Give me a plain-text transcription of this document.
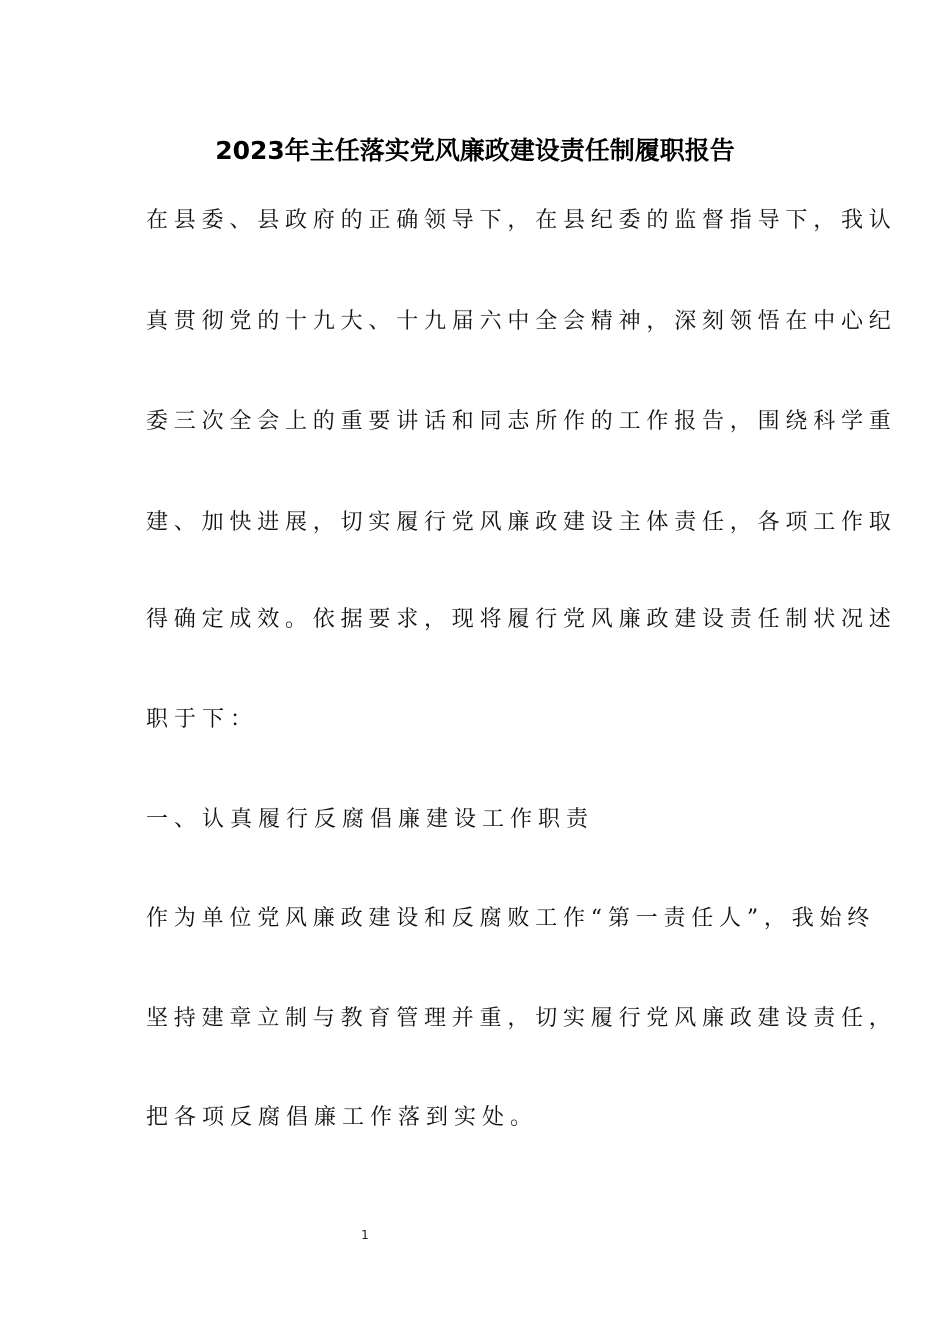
2023年主任落实党风廉政建设责任制履职报告
在县委、县政府的正确领导下，在县纪委的监督指导下，我认
真贯彻党的十九大、十九届六中全会精神，深刻领悟在中心纪
委三次全会上的重要讲话和同志所作的工作报告，围绕科学重
建、加快进展，切实履行党风廉政建设主体责任，各项工作取
得确定成效。依据要求，现将履行党风廉政建设责任制状况述
职于下：
一、认真履行反腐倡廉建设工作职责
作为单位党风廉政建设和反腐败工作“第一责任人”，我始终
坚持建章立制与教育管理并重，切实履行党风廉政建设责任，
把各项反腐倡廉工作落到实处。
1
